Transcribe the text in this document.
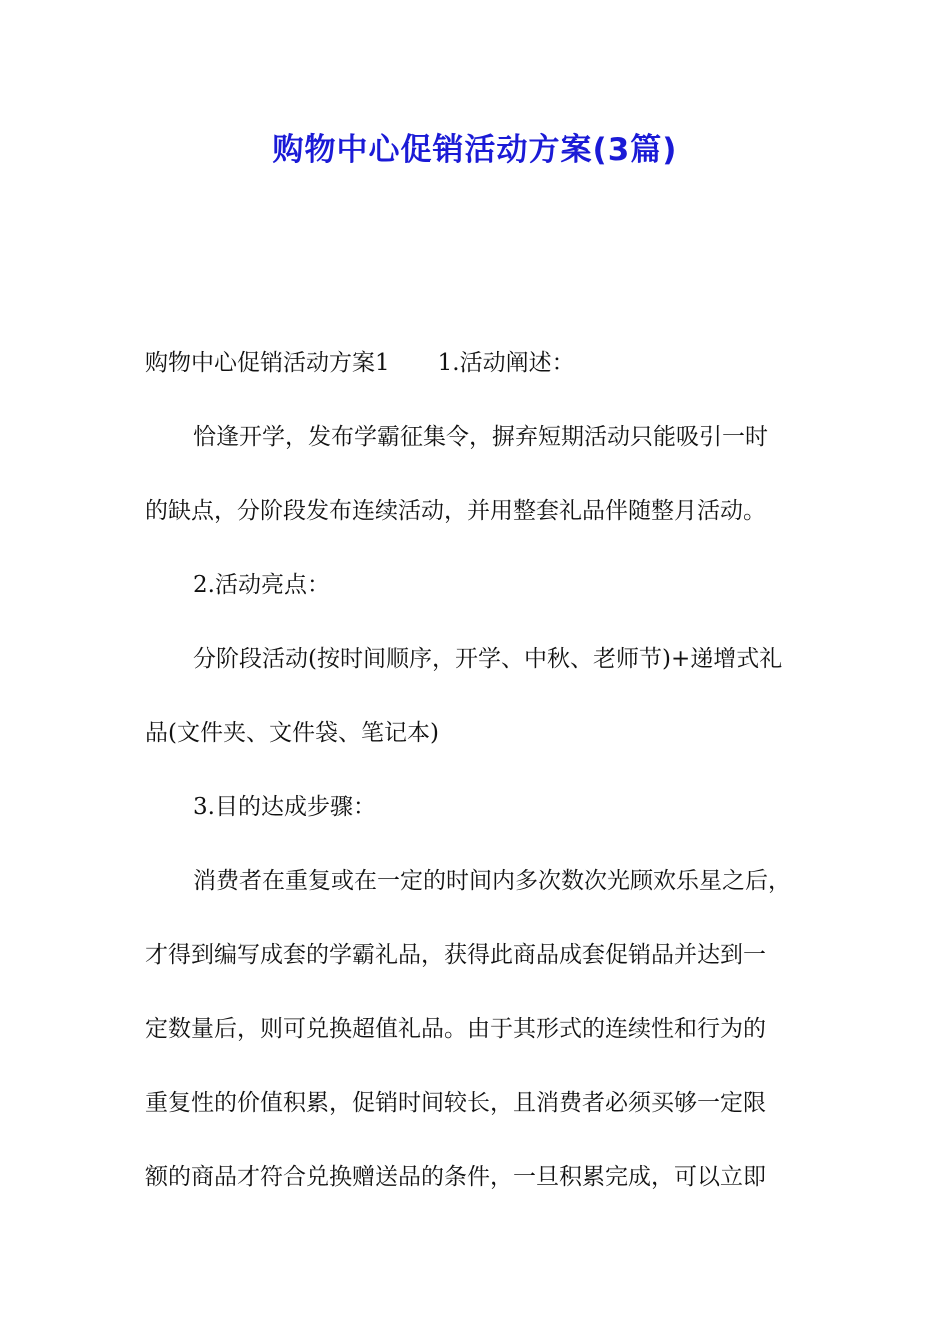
购物中心促销活动方案(3篇)
购物中心促销活动方案1 1.活动阐述：
恰逢开学，发布学霸征集令，摒弃短期活动只能吸引一时
的缺点，分阶段发布连续活动，并用整套礼品伴随整月活动。
2.活动亮点：
分阶段活动(按时间顺序，开学、中秋、老师节)+递增式礼
品(文件夹、文件袋、笔记本)
3.目的达成步骤：
消费者在重复或在一定的时间内多次数次光顾欢乐星之后，
才得到编写成套的学霸礼品，获得此商品成套促销品并达到一
定数量后，则可兑换超值礼品。由于其形式的连续性和行为的
重复性的价值积累，促销时间较长，且消费者必须买够一定限
额的商品才符合兑换赠送品的条件，一旦积累完成，可以立即
